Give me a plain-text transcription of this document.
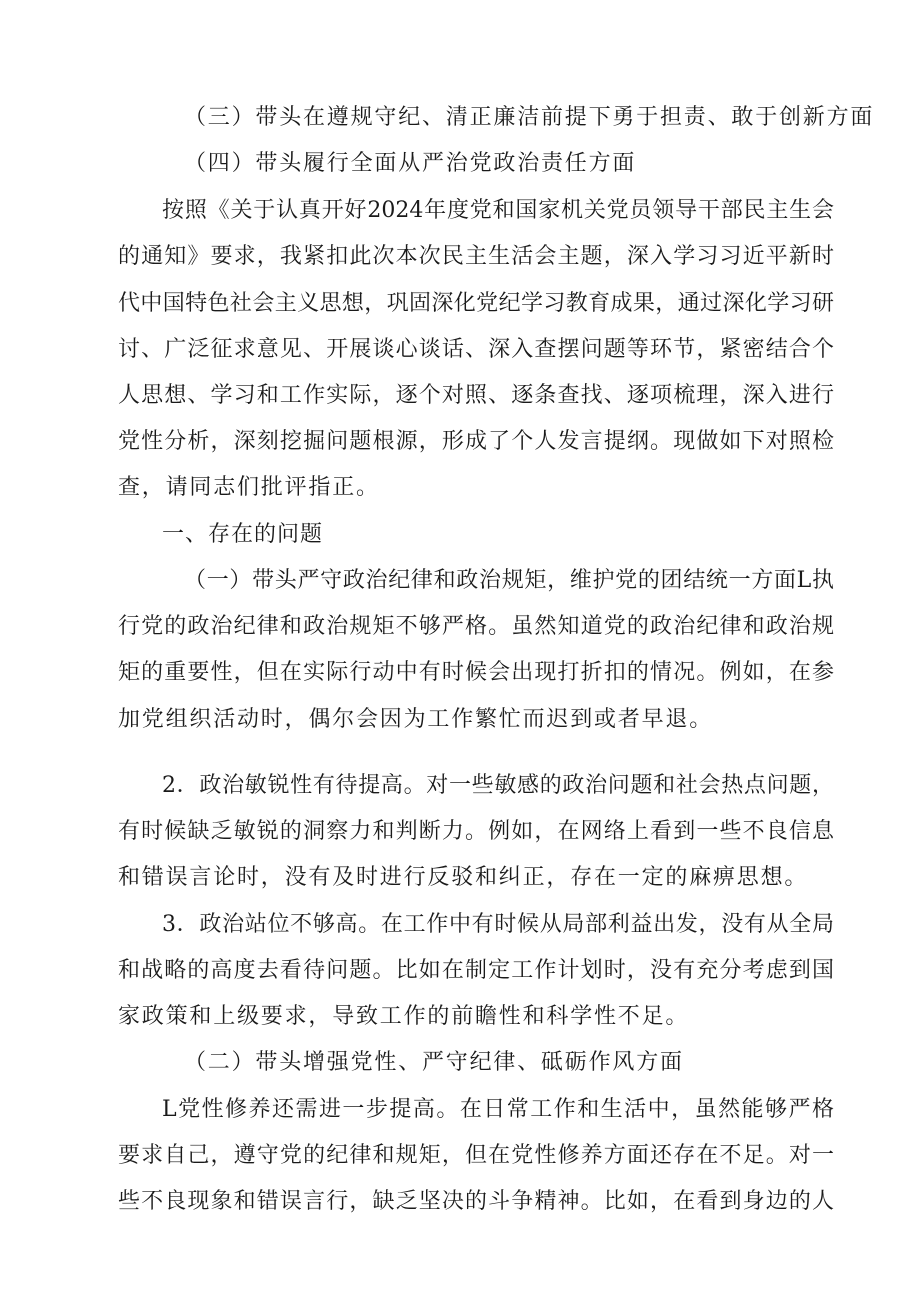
（三）带头在遵规守纪、清正廉洁前提下勇于担责、敢于创新方面
（四）带头履行全面从严治党政治责任方面
按照《关于认真开好2024年度党和国家机关党员领导干部民主生会
的通知》要求，我紧扣此次本次民主生活会主题，深入学习习近平新时
代中国特色社会主义思想，巩固深化党纪学习教育成果，通过深化学习研
讨、广泛征求意见、开展谈心谈话、深入查摆问题等环节，紧密结合个
人思想、学习和工作实际，逐个对照、逐条查找、逐项梳理，深入进行
党性分析，深刻挖掘问题根源，形成了个人发言提纲。现做如下对照检
查，请同志们批评指正。
一、存在的问题
（一）带头严守政治纪律和政治规矩，维护党的团结统一方面L执
行党的政治纪律和政治规矩不够严格。虽然知道党的政治纪律和政治规
矩的重要性，但在实际行动中有时候会出现打折扣的情况。例如，在参
加党组织活动时，偶尔会因为工作繁忙而迟到或者早退。
2．政治敏锐性有待提高。对一些敏感的政治问题和社会热点问题，
有时候缺乏敏锐的洞察力和判断力。例如，在网络上看到一些不良信息
和错误言论时，没有及时进行反驳和纠正，存在一定的麻痹思想。
3．政治站位不够高。在工作中有时候从局部利益出发，没有从全局
和战略的高度去看待问题。比如在制定工作计划时，没有充分考虑到国
家政策和上级要求，导致工作的前瞻性和科学性不足。
（二）带头增强党性、严守纪律、砥砺作风方面
L党性修养还需进一步提高。在日常工作和生活中，虽然能够严格
要求自己，遵守党的纪律和规矩，但在党性修养方面还存在不足。对一
些不良现象和错误言行，缺乏坚决的斗争精神。比如，在看到身边的人
